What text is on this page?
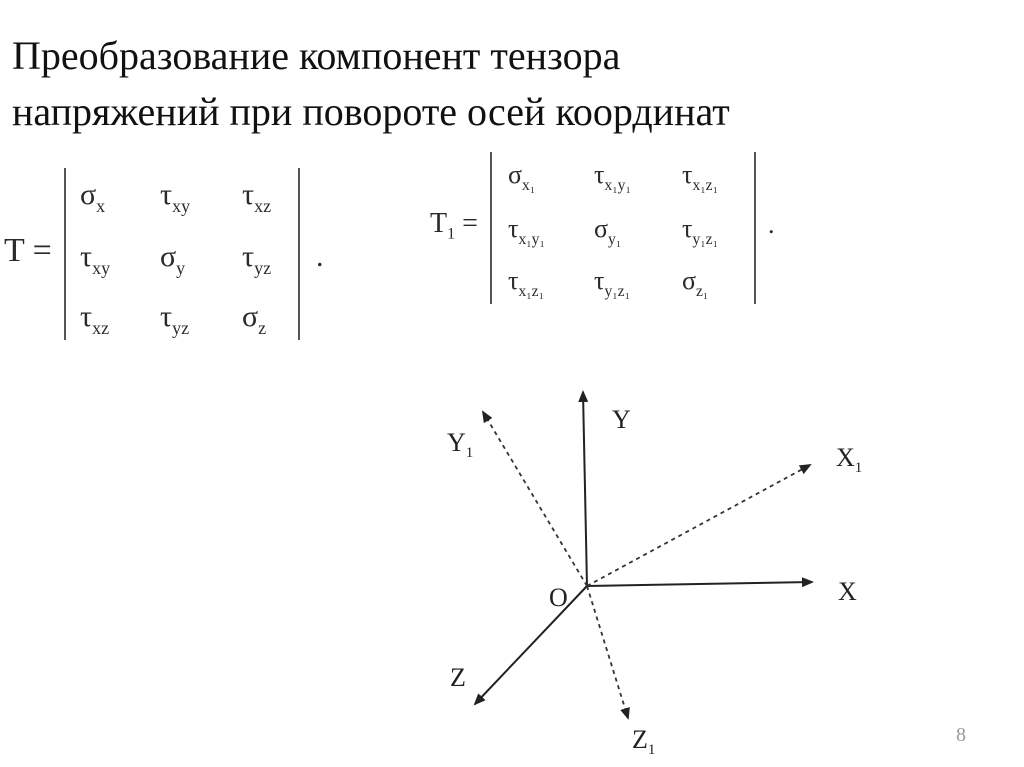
Преобразование компонент тензора
напряжений при повороте осей координат
T =
$\sigma_x$ $\tau_{xy}$ $\tau_{xz}$
$\tau_{xy}$ $\sigma_y$ $\tau_{yz}$
$\tau_{xz}$ $\tau_{yz}$ $\sigma_z$
.
$T_1$ =
$\sigma_{x_1}$ $\tau_{x_1y_1}$ $\tau_{x_1z_1}$
$\tau_{x_1y_1}$ $\sigma_{y_1}$ $\tau_{y_1z_1}$
$\tau_{x_1z_1}$ $\tau_{y_1z_1}$ $\sigma_{z_1}$
.
O
Y
X
Z
$Y_1$	$X_1$
$Z_1$
8
